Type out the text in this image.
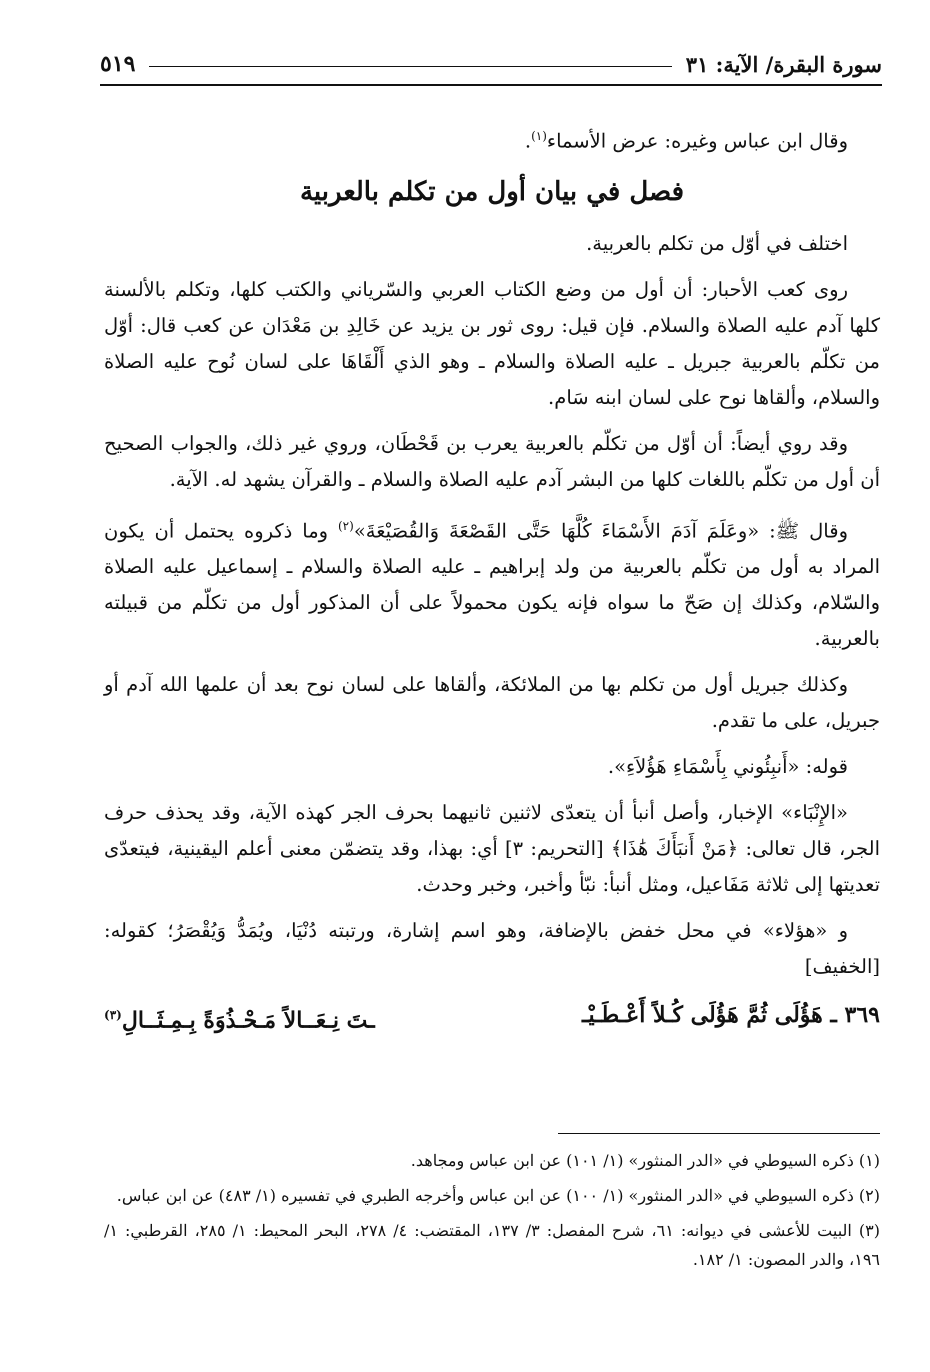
سورة البقرة/ الآية: ٣١
٥١٩

وقال ابن عباس وغيره: عرض الأسماء$^{(١)}$.

فصل في بيان أول من تكلم بالعربية

اختلف في أوّل من تكلم بالعربية.

روى كعب الأحبار: أن أول من وضع الكتاب العربي والسّرياني والكتب كلها، وتكلم بالألسنة كلها آدم عليه الصلاة والسلام. فإن قيل: روى ثور بن يزيد عن خَالِدِ بن مَعْدَان عن كعب قال: أوّل من تكلّم بالعربية جبريل ـ عليه الصلاة والسلام ـ وهو الذي أَلْقَاهَا على لسان نُوح عليه الصلاة والسلام، وألقاها نوح على لسان ابنه سَام.

وقد روي أيضاً: أن أوّل من تكلّم بالعربية يعرب بن قَحْطَان، وروي غير ذلك، والجواب الصحيح أن أول من تكلّم باللغات كلها من البشر آدم عليه الصلاة والسلام ـ والقرآن يشهد له. الآية.

وقال ﷺ: «وعَلَمَ آدَمَ الأَسْمَاءَ كُلَّهَا حَتَّى القَصْعَةَ وَالقُصَيْعَةَ»$^{(٢)}$ وما ذكروه يحتمل أن يكون المراد به أول من تكلّم بالعربية من ولد إبراهيم ـ عليه الصلاة والسلام ـ إسماعيل عليه الصلاة والسّلام، وكذلك إن صَحّ ما سواه فإنه يكون محمولاً على أن المذكور أول من تكلّم من قبيلته بالعربية.

وكذلك جبريل أول من تكلم بها من الملائكة، وألقاها على لسان نوح بعد أن علمها الله آدم أو جبريل، على ما تقدم.

قوله: «أَنبِئُوني بِأَسْمَاءِ هَؤُلاَءِ».

«الإِنْبَاء» الإخبار، وأصل أنبأ أن يتعدّى لاثنين ثانيهما بحرف الجر كهذه الآية، وقد يحذف حرف الجر، قال تعالى: ﴿مَنْ أَنبَأَكَ هَٰذَا﴾ [التحريم: ٣] أي: بهذا، وقد يتضمّن معنى أعلم اليقينية، فيتعدّى تعديتها إلى ثلاثة مَفَاعيل، ومثل أنبأ: نبّأ وأخبر، وخبر وحدث.

و «هؤلاء» في محل خفض بالإضافة، وهو اسم إشارة، ورتبته دُنْيَا، ويُمَدُّ وَيُقْصَرُ؛ كقوله: [الخفيف]

٣٦٩ ـ هَؤُلَى ثُمَّ هَؤُلَى كُـلاً أَعْـطَـيْـ
ـتَ نِـعَــالاً مَـحْـذُوَةً بِـمِـثَــالِ$^{(٣)}$

(١) ذكره السيوطي في «الدر المنثور» (١/ ١٠١) عن ابن عباس ومجاهد.

(٢) ذكره السيوطي في «الدر المنثور» (١/ ١٠٠) عن ابن عباس وأخرجه الطبري في تفسيره (١/ ٤٨٣) عن ابن عباس.

(٣) البيت للأعشى في ديوانه: ٦١، شرح المفصل: ٣/ ١٣٧، المقتضب: ٤/ ٢٧٨، البحر المحيط: ١/ ٢٨٥، القرطبي: ١/ ١٩٦، والدر المصون: ١/ ١٨٢.
